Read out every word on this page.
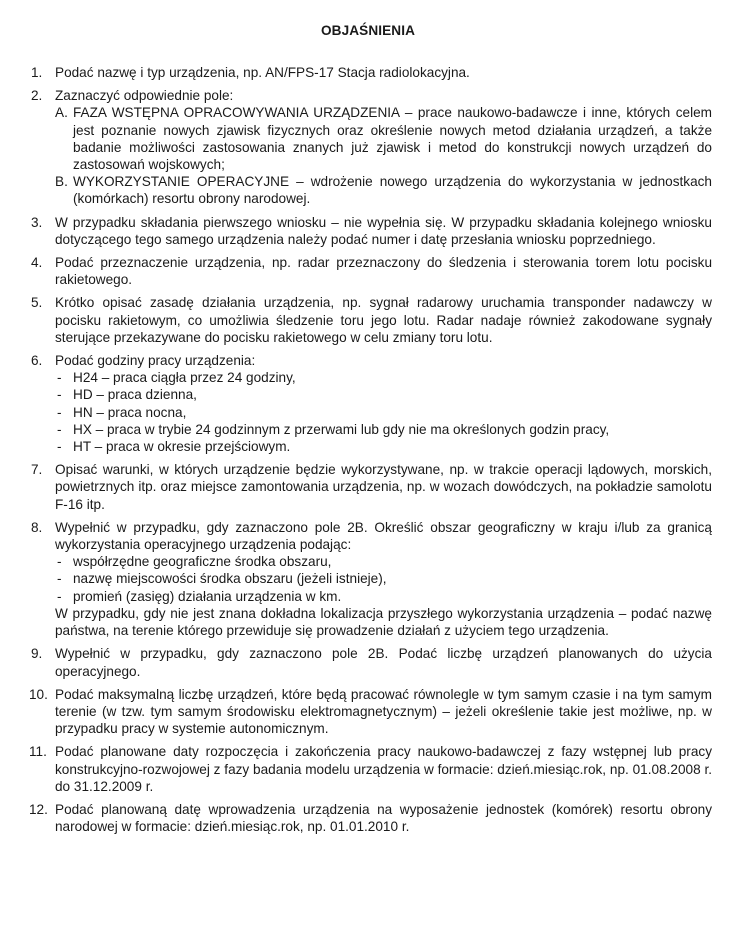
OBJAŚNIENIA
1. Podać nazwę i typ urządzenia, np. AN/FPS-17 Stacja radiolokacyjna.
2. Zaznaczyć odpowiednie pole:
A. FAZA WSTĘPNA OPRACOWYWANIA URZĄDZENIA – prace naukowo-badawcze i inne, których celem jest poznanie nowych zjawisk fizycznych oraz określenie nowych metod działania urządzeń, a także badanie możliwości zastosowania znanych już zjawisk i metod do konstrukcji nowych urządzeń do zastosowań wojskowych;
B. WYKORZYSTANIE OPERACYJNE – wdrożenie nowego urządzenia do wykorzystania w jednostkach (komórkach) resortu obrony narodowej.
3. W przypadku składania pierwszego wniosku – nie wypełnia się. W przypadku składania kolejnego wniosku dotyczącego tego samego urządzenia należy podać numer i datę przesłania wniosku poprzedniego.
4. Podać przeznaczenie urządzenia, np. radar przeznaczony do śledzenia i sterowania torem lotu pocisku rakietowego.
5. Krótko opisać zasadę działania urządzenia, np. sygnał radarowy uruchamia transponder nadawczy w pocisku rakietowym, co umożliwia śledzenie toru jego lotu. Radar nadaje również zakodowane sygnały sterujące przekazywane do pocisku rakietowego w celu zmiany toru lotu.
6. Podać godziny pracy urządzenia:
- H24 – praca ciągła przez 24 godziny,
- HD – praca dzienna,
- HN – praca nocna,
- HX – praca w trybie 24 godzinnym z przerwami lub gdy nie ma określonych godzin pracy,
- HT – praca w okresie przejściowym.
7. Opisać warunki, w których urządzenie będzie wykorzystywane, np. w trakcie operacji lądowych, morskich, powietrznych itp. oraz miejsce zamontowania urządzenia, np. w wozach dowódczych, na pokładzie samolotu F-16 itp.
8. Wypełnić w przypadku, gdy zaznaczono pole 2B. Określić obszar geograficzny w kraju i/lub za granicą wykorzystania operacyjnego urządzenia podając:
- współrzędne geograficzne środka obszaru,
- nazwę miejscowości środka obszaru (jeżeli istnieje),
- promień (zasięg) działania urządzenia w km.
W przypadku, gdy nie jest znana dokładna lokalizacja przyszłego wykorzystania urządzenia – podać nazwę państwa, na terenie którego przewiduje się prowadzenie działań z użyciem tego urządzenia.
9. Wypełnić w przypadku, gdy zaznaczono pole 2B. Podać liczbę urządzeń planowanych do użycia operacyjnego.
10. Podać maksymalną liczbę urządzeń, które będą pracować równolegle w tym samym czasie i na tym samym terenie (w tzw. tym samym środowisku elektromagnetycznym) – jeżeli określenie takie jest możliwe, np. w przypadku pracy w systemie autonomicznym.
11. Podać planowane daty rozpoczęcia i zakończenia pracy naukowo-badawczej z fazy wstępnej lub pracy konstrukcyjno-rozwojowej z fazy badania modelu urządzenia w formacie: dzień.miesiąc.rok, np. 01.08.2008 r. do 31.12.2009 r.
12. Podać planowaną datę wprowadzenia urządzenia na wyposażenie jednostek (komórek) resortu obrony narodowej w formacie: dzień.miesiąc.rok, np. 01.01.2010 r.
